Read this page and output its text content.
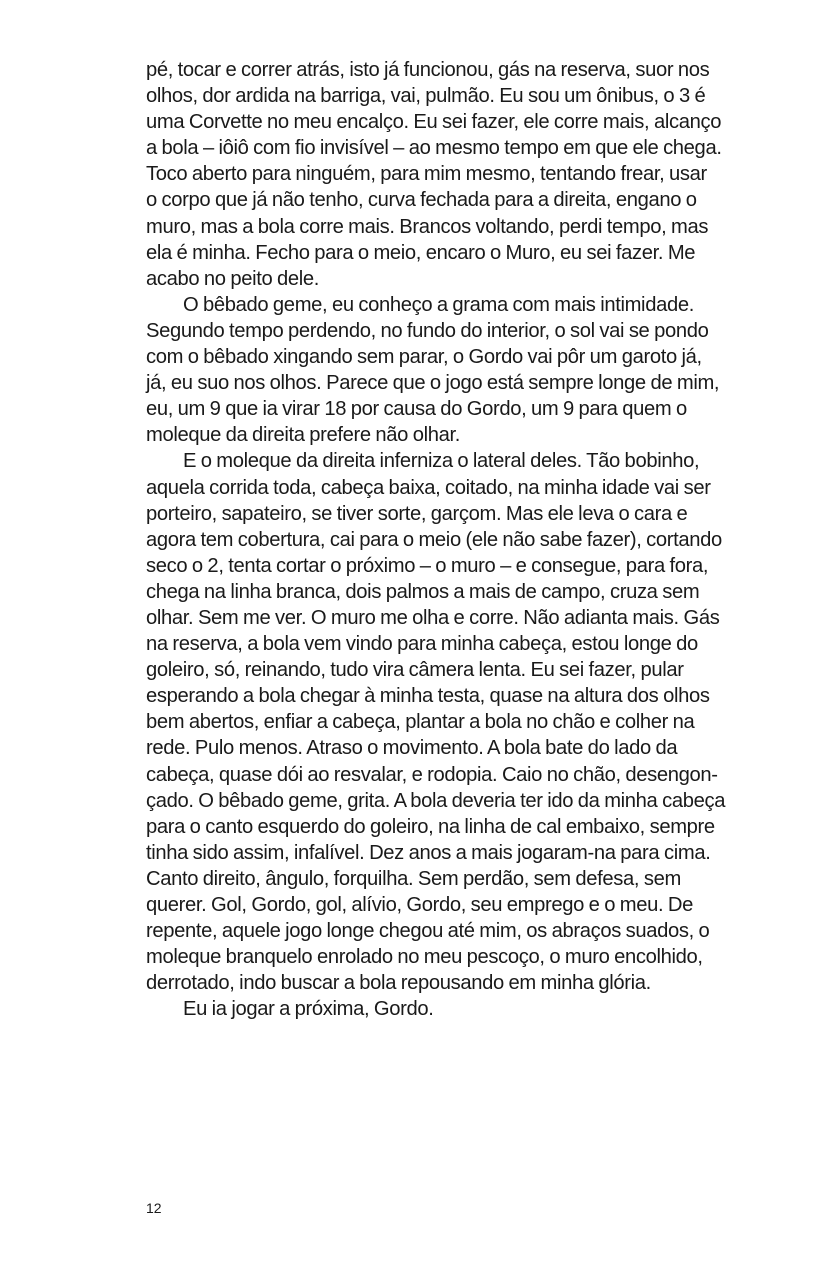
pé, tocar e correr atrás, isto já funcionou, gás na reserva, suor nos
olhos, dor ardida na barriga, vai, pulmão. Eu sou um ônibus, o 3 é
uma Corvette no meu encalço. Eu sei fazer, ele corre mais, alcanço
a bola – iôiô com fio invisível – ao mesmo tempo em que ele chega.
Toco aberto para ninguém, para mim mesmo, tentando frear, usar
o corpo que já não tenho, curva fechada para a direita, engano o
muro, mas a bola corre mais. Brancos voltando, perdi tempo, mas
ela é minha. Fecho para o meio, encaro o Muro, eu sei fazer. Me
acabo no peito dele.
O bêbado geme, eu conheço a grama com mais intimidade.
Segundo tempo perdendo, no fundo do interior, o sol vai se pondo
com o bêbado xingando sem parar, o Gordo vai pôr um garoto já,
já, eu suo nos olhos. Parece que o jogo está sempre longe de mim,
eu, um 9 que ia virar 18 por causa do Gordo, um 9 para quem o
moleque da direita prefere não olhar.
E o moleque da direita inferniza o lateral deles. Tão bobinho,
aquela corrida toda, cabeça baixa, coitado, na minha idade vai ser
porteiro, sapateiro, se tiver sorte, garçom. Mas ele leva o cara e
agora tem cobertura, cai para o meio (ele não sabe fazer), cortando
seco o 2, tenta cortar o próximo – o muro – e consegue, para fora,
chega na linha branca, dois palmos a mais de campo, cruza sem
olhar. Sem me ver. O muro me olha e corre. Não adianta mais. Gás
na reserva, a bola vem vindo para minha cabeça, estou longe do
goleiro, só, reinando, tudo vira câmera lenta. Eu sei fazer, pular
esperando a bola chegar à minha testa, quase na altura dos olhos
bem abertos, enfiar a cabeça, plantar a bola no chão e colher na
rede. Pulo menos. Atraso o movimento. A bola bate do lado da
cabeça, quase dói ao resvalar, e rodopia. Caio no chão, desengon-
çado. O bêbado geme, grita. A bola deveria ter ido da minha cabeça
para o canto esquerdo do goleiro, na linha de cal embaixo, sempre
tinha sido assim, infalível. Dez anos a mais jogaram-na para cima.
Canto direito, ângulo, forquilha. Sem perdão, sem defesa, sem
querer. Gol, Gordo, gol, alívio, Gordo, seu emprego e o meu. De
repente, aquele jogo longe chegou até mim, os abraços suados, o
moleque branquelo enrolado no meu pescoço, o muro encolhido,
derrotado, indo buscar a bola repousando em minha glória.
Eu ia jogar a próxima, Gordo.
12
